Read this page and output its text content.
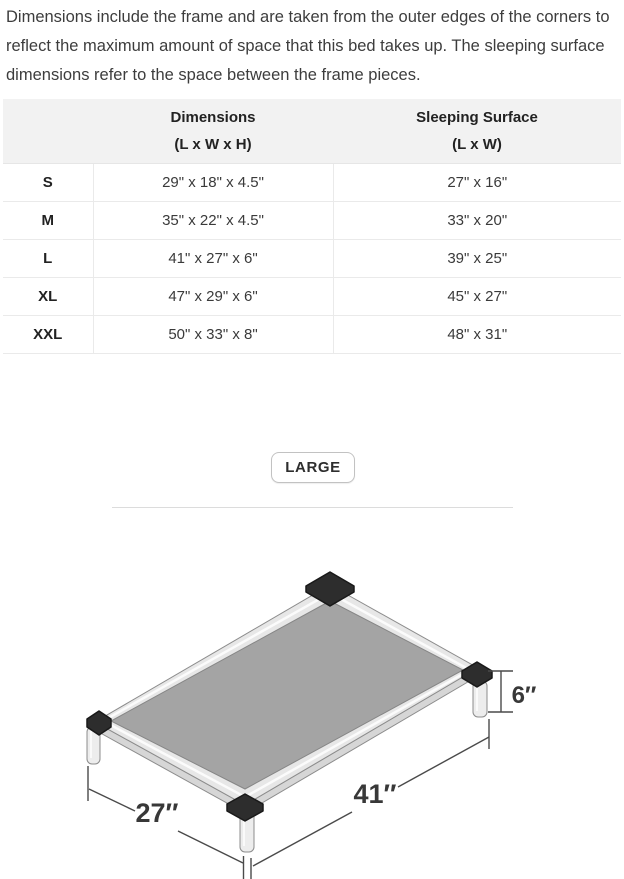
Dimensions include the frame and are taken from the outer edges of the corners to reflect the maximum amount of space that this bed takes up. The sleeping surface dimensions refer to the space between the frame pieces.

Dimensions
(L x W x H)

Sleeping Surface
(L x W)

S	29" x 18" x 4.5"	27" x 16"
M	35" x 22" x 4.5"	33" x 20"
L	41" x 27" x 6"	39" x 25"
XL	47" x 29" x 6"	45" x 27"
XXL	50" x 33" x 8"	48" x 31"
LARGE
27″
41″
6″
